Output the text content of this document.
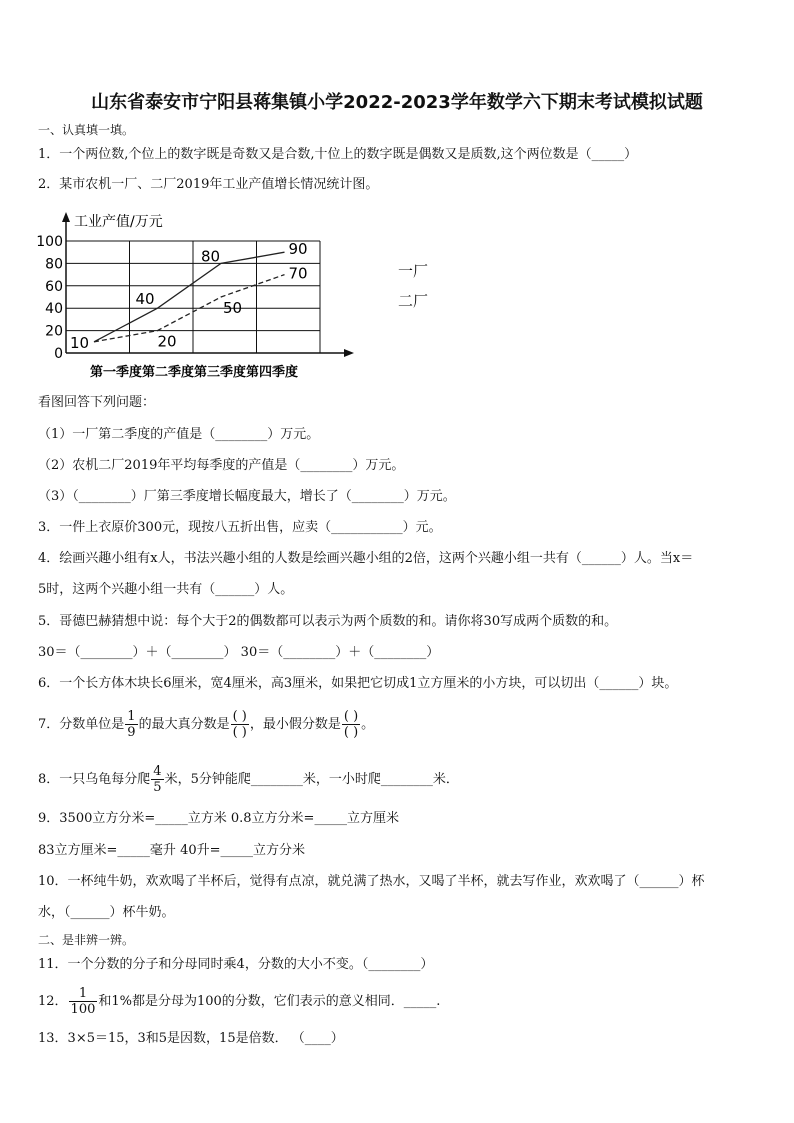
山东省泰安市宁阳县蒋集镇小学2022-2023学年数学六下期末考试模拟试题
一、认真填一填。
1．一个两位数,个位上的数字既是奇数又是合数,十位上的数字既是偶数又是质数,这个两位数是（_____）
2．某市农机一厂、二厂2019年工业产值增长情况统计图。
0
20
40
60
80
100
10
40
80	90
20
50
70
工业产值/万元
第一季度第二季度第三季度第四季度
一厂
二厂
看图回答下列问题：
（1）一厂第二季度的产值是（________）万元。
（2）农机二厂2019年平均每季度的产值是（________）万元。
（3）（________）厂第三季度增长幅度最大，增长了（________）万元。
3．一件上衣原价300元，现按八五折出售，应卖（___________）元。
4．绘画兴趣小组有x人，书法兴趣小组的人数是绘画兴趣小组的2倍，这两个兴趣小组一共有（______）人。当x＝
5时，这两个兴趣小组一共有（______）人。
5．哥德巴赫猜想中说：每个大于2的偶数都可以表示为两个质数的和。请你将30写成两个质数的和。
30＝（________）＋（________） 30＝（________）＋（________）
6．一个长方体木块长6厘米，宽4厘米，高3厘米，如果把它切成1立方厘米的小方块，可以切出（______）块。
7．分数单位是 $\frac{1}{9}$ 的最大真分数是 $\frac{( )}{( )}$ ，最小假分数是 $\frac{( )}{( )}$ 。
8．一只乌龟每分爬 $\frac{4}{5}$ 米，5分钟能爬________米，一小时爬________米．
9．3500立方分米=_____立方米 0.8立方分米=_____立方厘米
83立方厘米=_____毫升 40升=_____立方分米
10．一杯纯牛奶，欢欢喝了半杯后，觉得有点凉，就兑满了热水，又喝了半杯，就去写作业，欢欢喝了（______）杯
水，（______）杯牛奶。
二、是非辨一辨。
11．一个分数的分子和分母同时乘4，分数的大小不变。（________）
12． $\frac{1}{100}$ 和1%都是分母为100的分数，它们表示的意义相同．_____.
13．3×5＝15，3和5是因数，15是倍数． （____）
